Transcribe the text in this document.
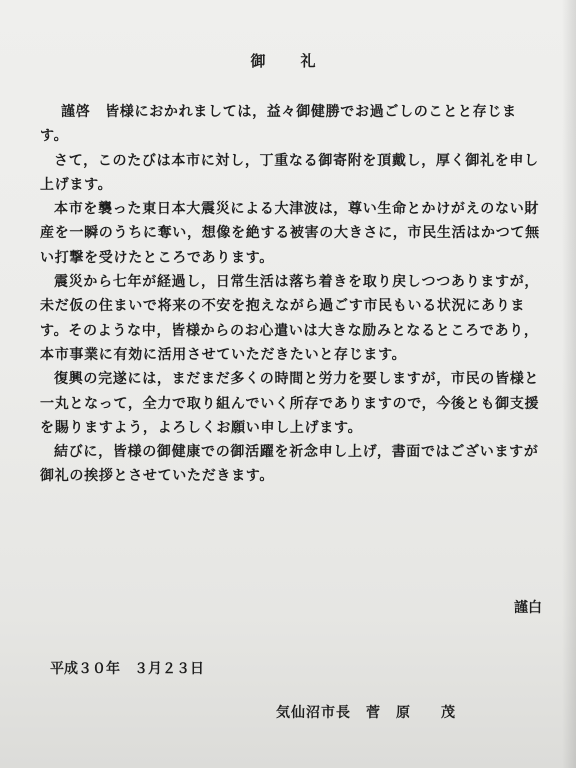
御　礼

謹啓　皆様におかれましては，益々御健勝でお過ごしのことと存じます。

さて，このたびは本市に対し，丁重なる御寄附を頂戴し，厚く御礼を申し上げます。

本市を襲った東日本大震災による大津波は，尊い生命とかけがえのない財産を一瞬のうちに奪い，想像を絶する被害の大きさに，市民生活はかつて無い打撃を受けたところであります。

震災から七年が経過し，日常生活は落ち着きを取り戻しつつありますが，未だ仮の住まいで将来の不安を抱えながら過ごす市民もいる状況にあります。そのような中，皆様からのお心遣いは大きな励みとなるところであり，本市事業に有効に活用させていただきたいと存じます。

復興の完遂には，まだまだ多くの時間と労力を要しますが，市民の皆様と一丸となって，全力で取り組んでいく所存でありますので，今後とも御支援を賜りますよう，よろしくお願い申し上げます。

結びに，皆様の御健康での御活躍を祈念申し上げ，書面ではございますが御礼の挨拶とさせていただきます。

謹白
平成３０年　３月２３日
気仙沼市長　菅　原　　茂
